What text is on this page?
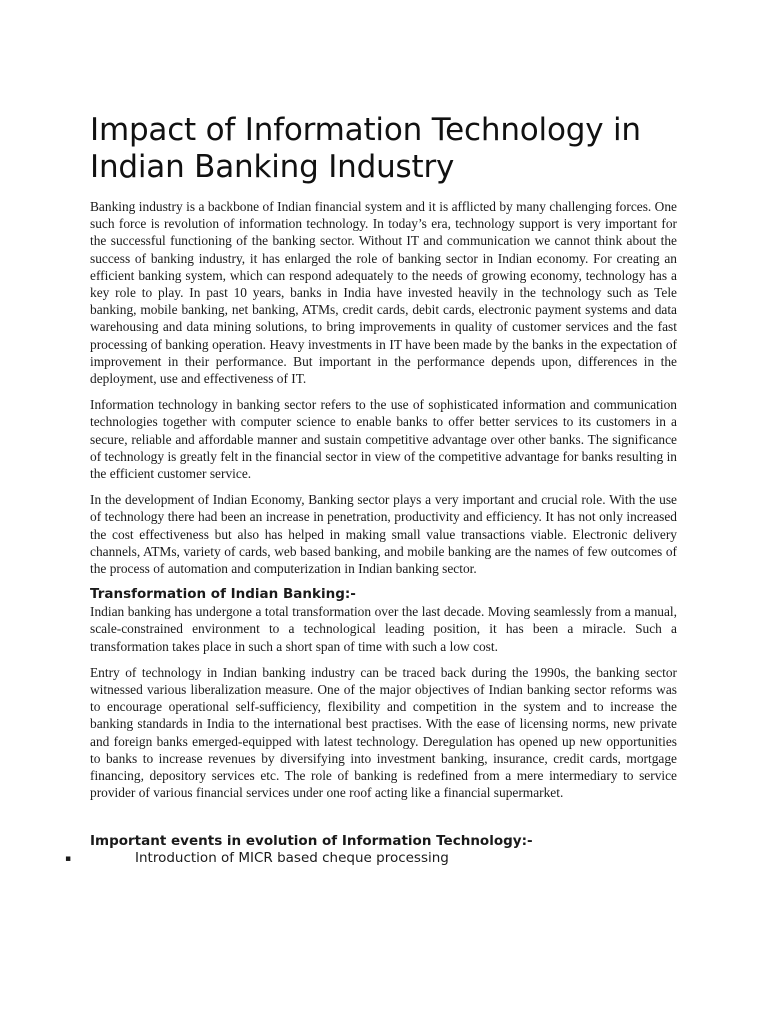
Impact of Information Technology in Indian Banking Industry

Banking industry is a backbone of Indian financial system and it is afflicted by many challenging forces. One such force is revolution of information technology. In today’s era, technology support is very important for the successful functioning of the banking sector. Without IT and communication we cannot think about the success of banking industry, it has enlarged the role of banking sector in Indian economy. For creating an efficient banking system, which can respond adequately to the needs of growing economy, technology has a key role to play. In past 10 years, banks in India have invested heavily in the technology such as Tele banking, mobile banking, net banking, ATMs, credit cards, debit cards, electronic payment systems and data warehousing and data mining solutions, to bring improvements in quality of customer services and the fast processing of banking operation. Heavy investments in IT have been made by the banks in the expectation of improvement in their performance. But important in the performance depends upon, differences in the deployment, use and effectiveness of IT.

Information technology in banking sector refers to the use of sophisticated information and communication technologies together with computer science to enable banks to offer better services to its customers in a secure, reliable and affordable manner and sustain competitive advantage over other banks. The significance of technology is greatly felt in the financial sector in view of the competitive advantage for banks resulting in the efficient customer service.

In the development of Indian Economy, Banking sector plays a very important and crucial role. With the use of technology there had been an increase in penetration, productivity and efficiency. It has not only increased the cost effectiveness but also has helped in making small value transactions viable. Electronic delivery channels, ATMs, variety of cards, web based banking, and mobile banking are the names of few outcomes of the process of automation and computerization in Indian banking sector.

Transformation of Indian Banking:-

Indian banking has undergone a total transformation over the last decade. Moving seamlessly from a manual, scale-constrained environment to a technological leading position, it has been a miracle. Such a transformation takes place in such a short span of time with such a low cost.

Entry of technology in Indian banking industry can be traced back during the 1990s, the banking sector witnessed various liberalization measure. One of the major objectives of Indian banking sector reforms was to encourage operational self-sufficiency, flexibility and competition in the system and to increase the banking standards in India to the international best practises. With the ease of licensing norms, new private and foreign banks emerged-equipped with latest technology. Deregulation has opened up new opportunities to banks to increase revenues by diversifying into investment banking, insurance, credit cards, mortgage financing, depository services etc. The role of banking is redefined from a mere intermediary to service provider of various financial services under one roof acting like a financial supermarket.

Important events in evolution of Information Technology:-
▪	Introduction of MICR based cheque processing
